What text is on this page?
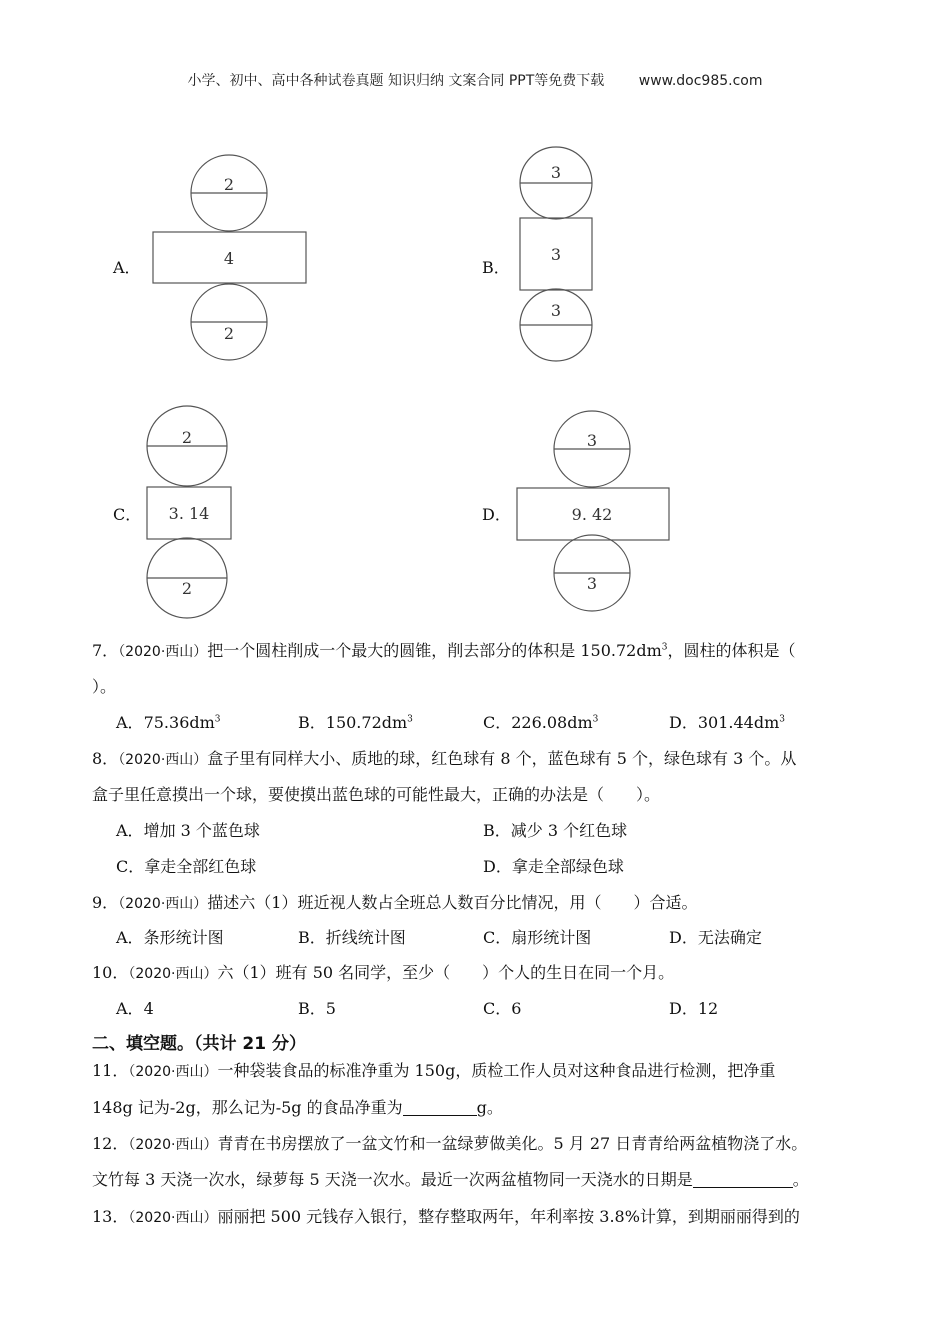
小学、初中、高中各种试卷真题 知识归纳 文案合同 PPT等免费下载 www.doc985.com
2
4
2
3
3
3
2
3. 14
2
3
9. 42
3
A．	B．
C．	D．
7．（2020·西山）把一个圆柱削成一个最大的圆锥，削去部分的体积是 $150.72dm^3$，圆柱的体积是（
）。
A．$75.36dm^3$	B．$150.72dm^3$	C．$226.08dm^3$	D．$301.44dm^3$
8．（2020·西山）盒子里有同样大小、质地的球，红色球有 8 个，蓝色球有 5 个，绿色球有 3 个。从
盒子里任意摸出一个球，要使摸出蓝色球的可能性最大，正确的办法是（　　）。
A．增加 3 个蓝色球	B．减少 3 个红色球
C．拿走全部红色球	D．拿走全部绿色球
9．（2020·西山）描述六（1）班近视人数占全班总人数百分比情况，用（　　）合适。
A．条形统计图	B．折线统计图	C．扇形统计图	D．无法确定
10．（2020·西山）六（1）班有 50 名同学，至少（　　）个人的生日在同一个月。
A．4	B．5	C．6	D．12
二、填空题。（共计 21 分）
11．（2020·西山）一种袋装食品的标准净重为 150g，质检工作人员对这种食品进行检测，把净重
148g 记为-2g，那么记为-5g 的食品净重为	g。
12．（2020·西山）青青在书房摆放了一盆文竹和一盆绿萝做美化。5 月 27 日青青给两盆植物浇了水。
文竹每 3 天浇一次水，绿萝每 5 天浇一次水。最近一次两盆植物同一天浇水的日期是	。
13．（2020·西山）丽丽把 500 元钱存入银行，整存整取两年，年利率按 3.8%计算，到期丽丽得到的
